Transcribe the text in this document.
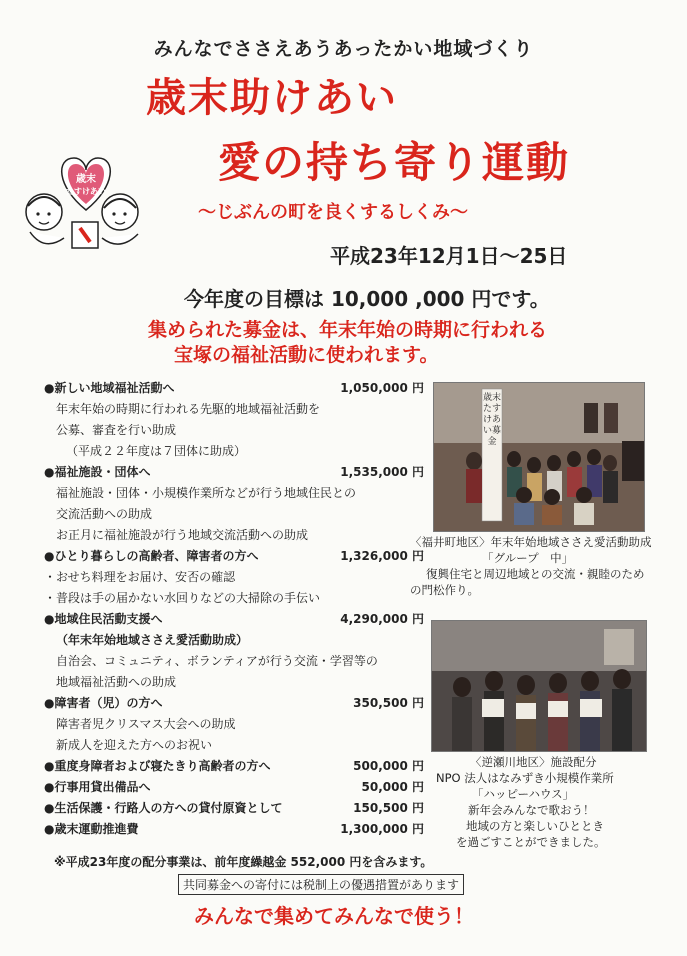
みんなでささえあうあったかい地域づくり
歳末助けあい
愛の持ち寄り運動
～じぶんの町を良くするしくみ～
平成23年12月1日～25日
今年度の目標は 10,000 ,000 円です。
集められた募金は、年末年始の時期に行われる
宝塚の福祉活動に使われます。
歳末
たすけあい
●新しい地域福祉活動へ	1,050,000 円
年末年始の時期に行われる先駆的地域福祉活動を
公募、審査を行い助成
（平成２２年度は７団体に助成）
●福祉施設・団体へ	1,535,000 円
福祉施設・団体・小規模作業所などが行う地域住民との
交流活動への助成
お正月に福祉施設が行う地域交流活動への助成
●ひとり暮らしの高齢者、障害者の方へ	1,326,000 円
・おせち料理をお届け、安否の確認
・普段は手の届かない水回りなどの大掃除の手伝い
●地域住民活動支援へ	4,290,000 円
（年末年始地域ささえ愛活動助成）
自治会、コミュニティ、ボランティアが行う交流・学習等の
地域福祉活動への助成
●障害者（児）の方へ	350,500 円
障害者児クリスマス大会への助成
新成人を迎えた方へのお祝い
●重度身障者および寝たきり高齢者の方へ	500,000 円
●行事用貸出備品へ	50,000 円
●生活保護・行路人の方への貸付原資として	150,500 円
●歳末運動推進費	1,300,000 円
※平成23年度の配分事業は、前年度繰越金 552,000 円を含みます。
共同募金への寄付には税制上の優遇措置があります
みんなで集めてみんなで使う！
歳末たすけあい募金
〈福井町地区〉年末年始地域ささえ愛活動助成
「グループ　中」
復興住宅と周辺地域との交流・親睦のため
の門松作り。
〈逆瀬川地区〉施設配分
NPO 法人はなみずき小規模作業所
「ハッピーハウス」
新年会みんなで歌おう！
地域の方と楽しいひととき
を過ごすことができました。
